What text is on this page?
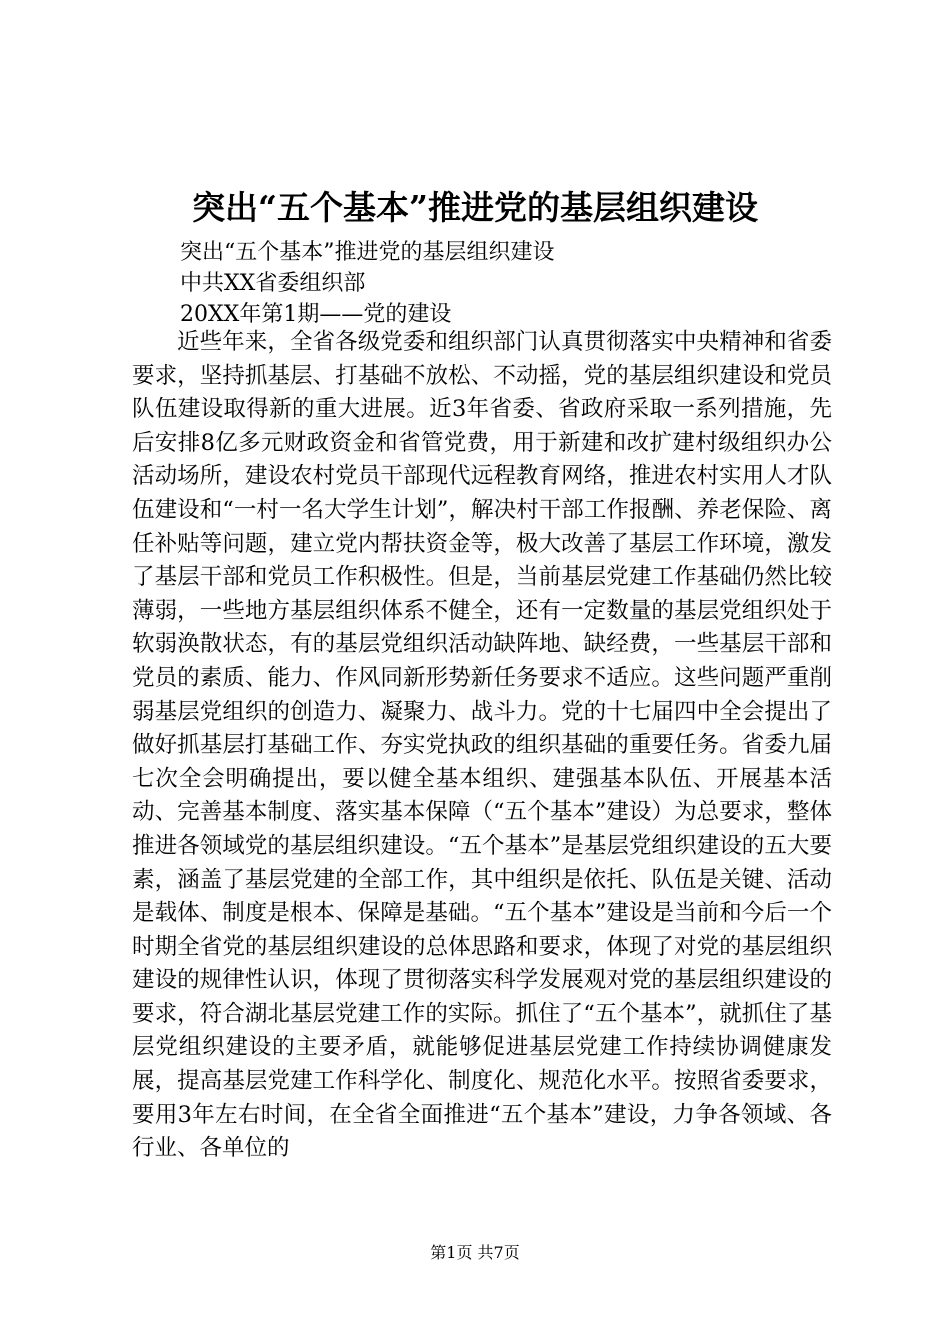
突出“五个基本”推进党的基层组织建设
突出“五个基本”推进党的基层组织建设
中共XX省委组织部
20XX年第1期——党的建设

近些年来，全省各级党委和组织部门认真贯彻落实中央精神和省委要求，坚持抓基层、打基础不放松、不动摇，党的基层组织建设和党员队伍建设取得新的重大进展。近3年省委、省政府采取一系列措施，先后安排8亿多元财政资金和省管党费，用于新建和改扩建村级组织办公活动场所，建设农村党员干部现代远程教育网络，推进农村实用人才队伍建设和“一村一名大学生计划”，解决村干部工作报酬、养老保险、离任补贴等问题，建立党内帮扶资金等，极大改善了基层工作环境，激发了基层干部和党员工作积极性。但是，当前基层党建工作基础仍然比较薄弱，一些地方基层组织体系不健全，还有一定数量的基层党组织处于软弱涣散状态，有的基层党组织活动缺阵地、缺经费，一些基层干部和党员的素质、能力、作风同新形势新任务要求不适应。这些问题严重削弱基层党组织的创造力、凝聚力、战斗力。党的十七届四中全会提出了做好抓基层打基础工作、夯实党执政的组织基础的重要任务。省委九届七次全会明确提出，要以健全基本组织、建强基本队伍、开展基本活动、完善基本制度、落实基本保障（“五个基本”建设）为总要求，整体推进各领域党的基层组织建设。“五个基本”是基层党组织建设的五大要素，涵盖了基层党建的全部工作，其中组织是依托、队伍是关键、活动是载体、制度是根本、保障是基础。“五个基本”建设是当前和今后一个时期全省党的基层组织建设的总体思路和要求，体现了对党的基层组织建设的规律性认识，体现了贯彻落实科学发展观对党的基层组织建设的要求，符合湖北基层党建工作的实际。抓住了“五个基本”，就抓住了基层党组织建设的主要矛盾，就能够促进基层党建工作持续协调健康发展，提高基层党建工作科学化、制度化、规范化水平。按照省委要求，要用3年左右时间，在全省全面推进“五个基本”建设，力争各领域、各行业、各单位的

第1页 共7页
